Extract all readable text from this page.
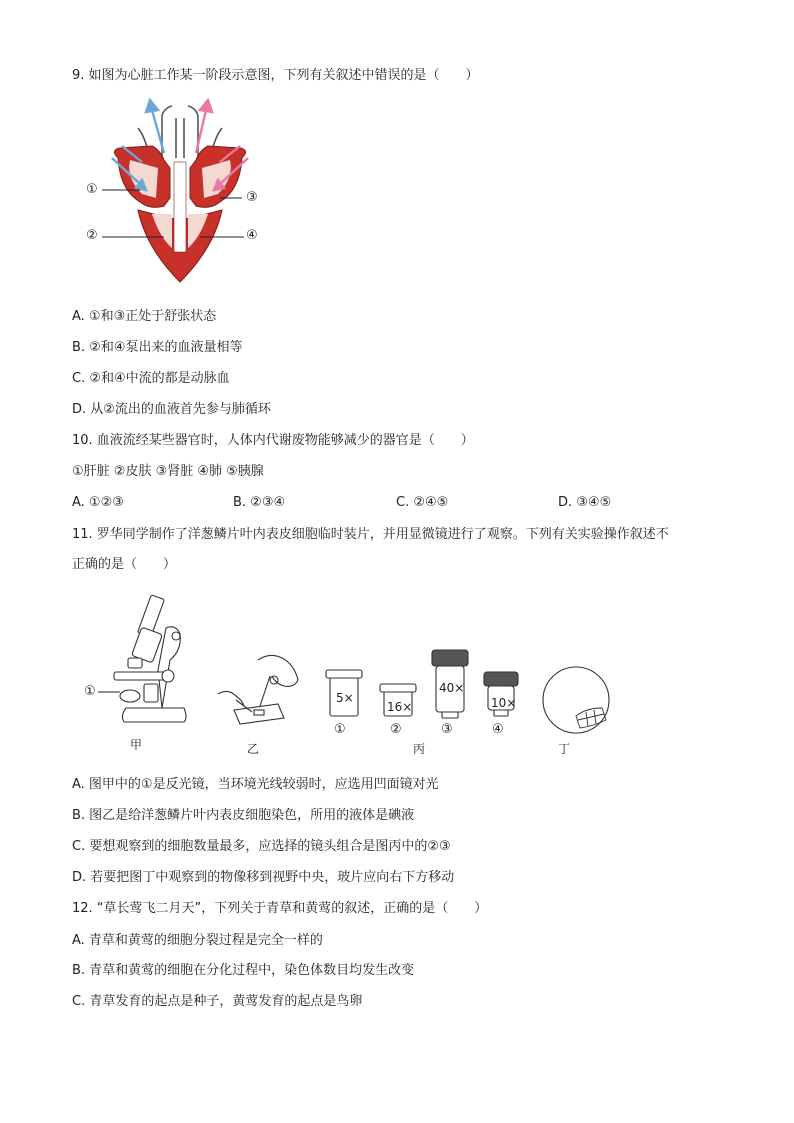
9. 如图为心脏工作某一阶段示意图，下列有关叙述中错误的是（　　）
①
②
③
④
A. ①和③正处于舒张状态
B. ②和④泵出来的血液量相等
C. ②和④中流的都是动脉血
D. 从②流出的血液首先参与肺循环
10. 血液流经某些器官时，人体内代谢废物能够减少的器官是（　　）
①肝脏 ②皮肤 ③肾脏 ④肺 ⑤胰腺
A. ①②③	B. ②③④	C. ②④⑤	D. ③④⑤
11. 罗华同学制作了洋葱鳞片叶内表皮细胞临时装片，并用显微镜进行了观察。下列有关实验操作叙述不
正确的是（　　）
①
甲	乙
5×
16×
40×
10×
①	②	③	④
丙	丁
A. 图甲中的①是反光镜，当环境光线较弱时，应选用凹面镜对光
B. 图乙是给洋葱鳞片叶内表皮细胞染色，所用的液体是碘液
C. 要想观察到的细胞数量最多，应选择的镜头组合是图丙中的②③
D. 若要把图丁中观察到的物像移到视野中央，玻片应向右下方移动
12. “草长莺飞二月天”，下列关于青草和黄莺的叙述，正确的是（　　）
A. 青草和黄莺的细胞分裂过程是完全一样的
B. 青草和黄莺的细胞在分化过程中，染色体数目均发生改变
C. 青草发育的起点是种子，黄莺发育的起点是鸟卵
